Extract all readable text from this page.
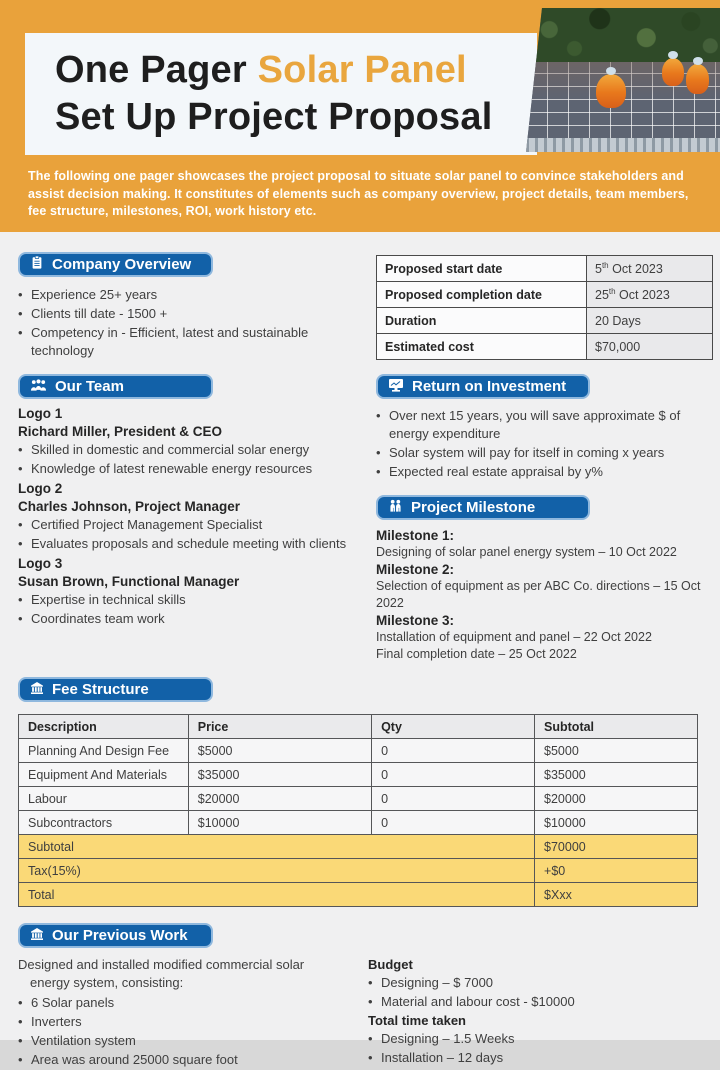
One Pager Solar Panel
Set Up Project Proposal

The following one pager showcases the project proposal to situate solar panel to convince stakeholders and assist decision making. It constitutes of elements such as company overview, project details, team members, fee structure, milestones, ROI, work history etc.

Company Overview
• Experience 25+ years
• Clients till date - 1500 +
• Competency in - Efficient, latest and sustainable technology
Proposed start date	5th Oct 2023
Proposed completion date	25th Oct 2023
Duration	20 Days
Estimated cost	$70,000
Our Team
Logo 1
Richard Miller, President & CEO
• Skilled in domestic and commercial solar energy
• Knowledge of latest renewable energy resources
Logo 2
Charles Johnson, Project Manager
• Certified Project Management Specialist
• Evaluates proposals and schedule meeting with clients
Logo 3
Susan Brown, Functional Manager
• Expertise in technical skills
• Coordinates team work
Return on Investment
• Over next 15 years, you will save approximate $ of energy expenditure
• Solar system will pay for itself in coming x years
• Expected real estate appraisal by y%
Project Milestone
Milestone 1:
Designing of solar panel energy system – 10 Oct 2022
Milestone 2:
Selection of equipment as per ABC Co. directions – 15 Oct 2022
Milestone 3:
Installation of equipment and panel – 22 Oct 2022
Final completion date – 25 Oct 2022
Fee Structure
Description	Price	Qty	Subtotal
Planning And Design Fee	$5000	0	$5000
Equipment And Materials	$35000	0	$35000
Labour	$20000	0	$20000
Subcontractors	$10000	0	$10000
Subtotal			$70000
Tax(15%)			+$0
Total			$Xxx
Our Previous Work

Designed and installed modified commercial solar energy system, consisting:

• 6 Solar panels
• Inverters
• Ventilation system
• Area was around 25000 square foot
Budget
• Designing – $ 7000
• Material and labour cost - $10000
Total time taken
• Designing – 1.5 Weeks
• Installation – 12 days
